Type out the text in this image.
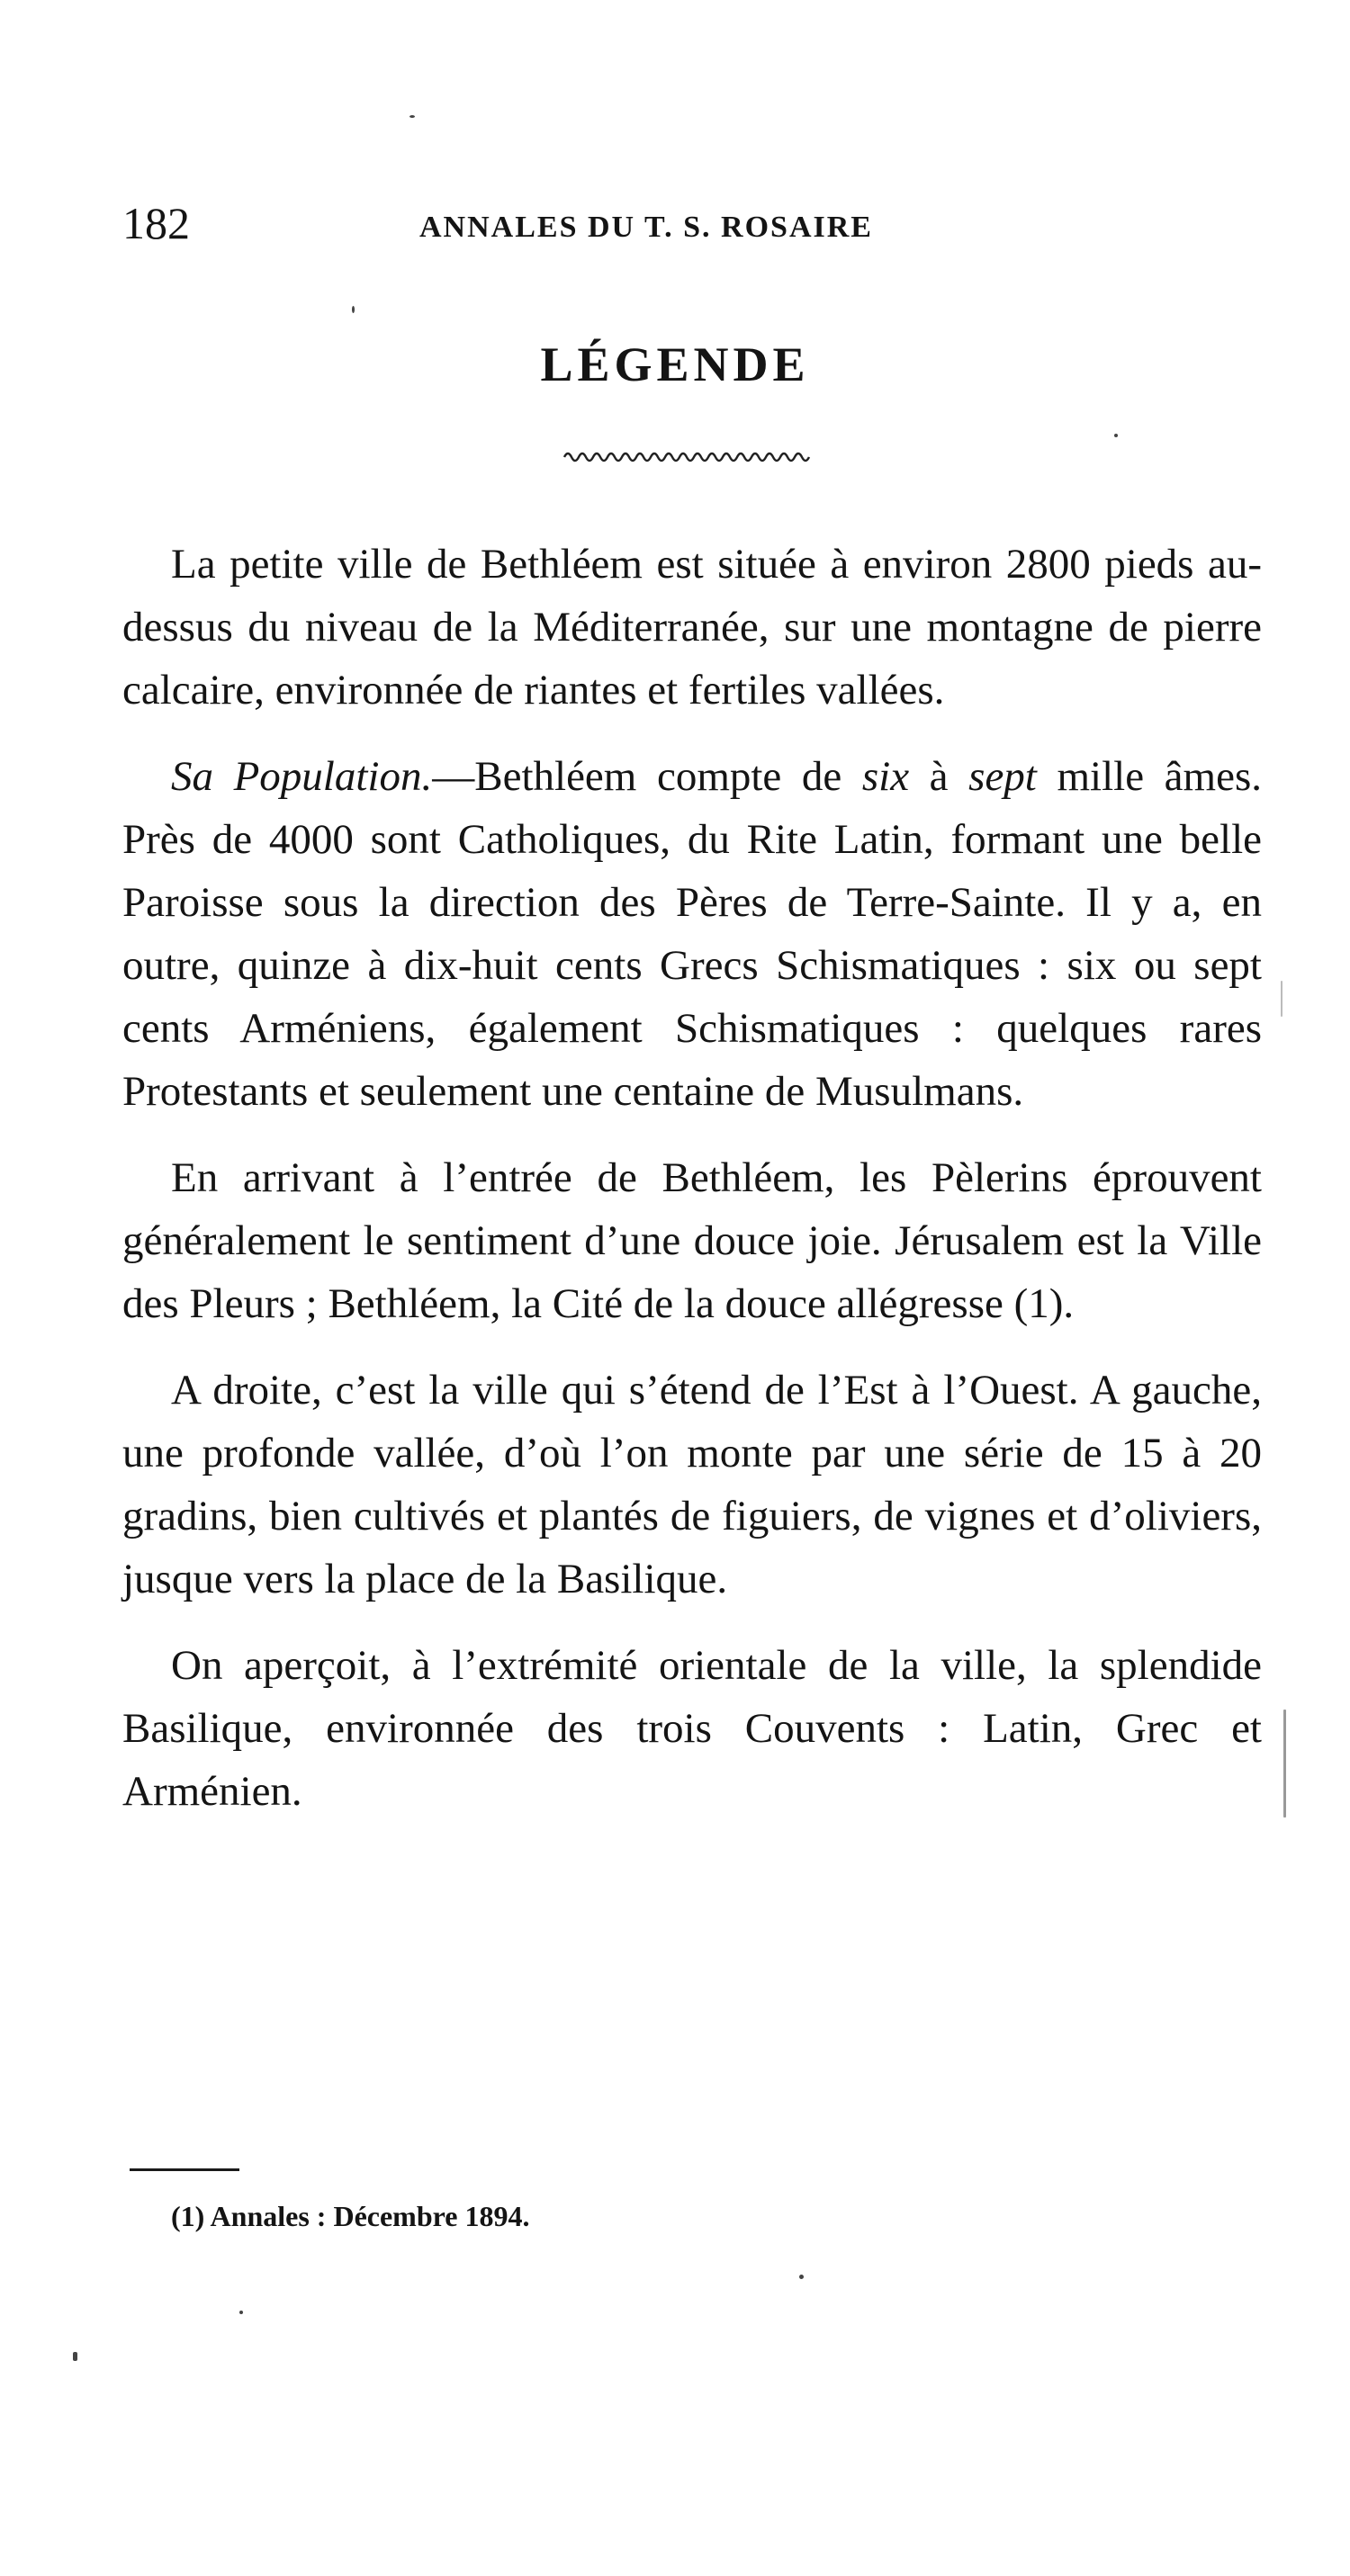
182	ANNALES DU T. S. ROSAIRE
LÉGENDE

La petite ville de Bethléem est située à environ 2800 pieds au-dessus du niveau de la Méditerranée, sur une montagne de pierre calcaire, environnée de riantes et fertiles vallées.

Sa Population.—Bethléem compte de six à sept mille âmes. Près de 4000 sont Catholiques, du Rite Latin, formant une belle Paroisse sous la direction des Pères de Terre-Sainte. Il y a, en outre, quinze à dix-huit cents Grecs Schismatiques : six ou sept cents Arméniens, également Schismatiques : quelques rares Protestants et seulement une centaine de Musulmans.

En arrivant à l’entrée de Bethléem, les Pèlerins éprouvent généralement le sentiment d’une douce joie. Jérusalem est la Ville des Pleurs ; Bethléem, la Cité de la douce allégresse (1).

A droite, c’est la ville qui s’étend de l’Est à l’Ouest. A gauche, une profonde vallée, d’où l’on monte par une série de 15 à 20 gradins, bien cultivés et plantés de figuiers, de vignes et d’oliviers, jusque vers la place de la Basilique.

On aperçoit, à l’extrémité orientale de la ville, la splendide Basilique, environnée des trois Couvents : Latin, Grec et Arménien.

(1) Annales : Décembre 1894.
